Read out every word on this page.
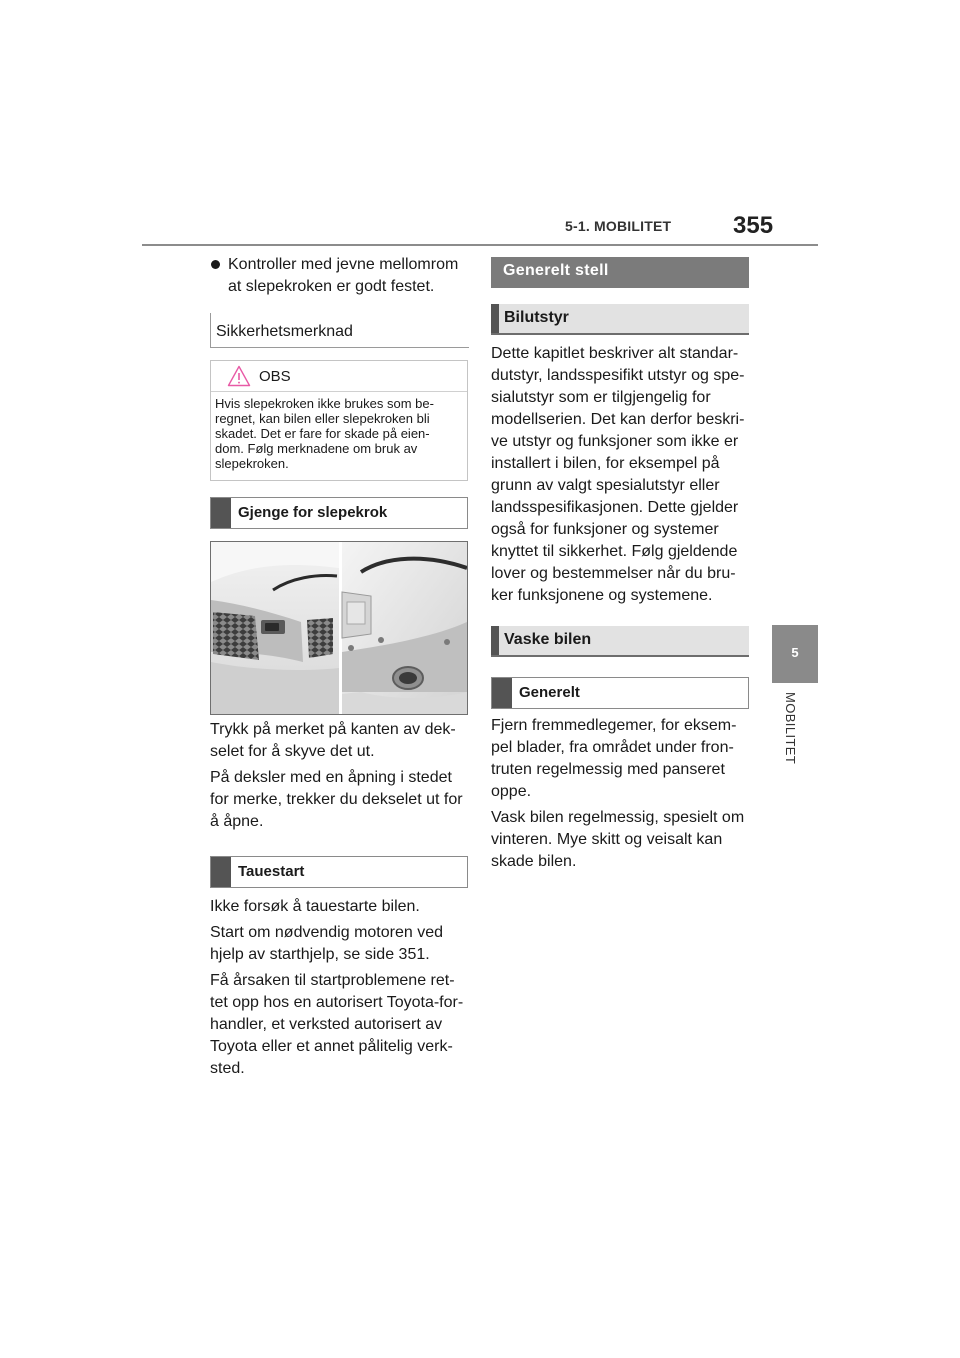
5-1. MOBILITET	355
5
MOBILITET

Kontroller med jevne mellomrom

at slepekroken er godt festet.

Sikkerhetsmerknad
OBS
Hvis slepekroken ikke brukes som be-
regnet, kan bilen eller slepekroken bli
skadet. Det er fare for skade på eien-
dom. Følg merknadene om bruk av
slepekroken.
Gjenge for slepekrok

Trykk på merket på kanten av dek-

selet for å skyve det ut.

På deksler med en åpning i stedet

for merke, trekker du dekselet ut for

å åpne.

Tauestart

Ikke forsøk å tauestarte bilen.

Start om nødvendig motoren ved

hjelp av starthjelp, se side 351.

Få årsaken til startproblemene ret-

tet opp hos en autorisert Toyota-for-

handler, et verksted autorisert av

Toyota eller et annet pålitelig verk-

sted.

Generelt stell
Bilutstyr

Dette kapitlet beskriver alt standar-

dutstyr, landsspesifikt utstyr og spe-

sialutstyr som er tilgjengelig for

modellserien. Det kan derfor beskri-

ve utstyr og funksjoner som ikke er

installert i bilen, for eksempel på

grunn av valgt spesialutstyr eller

landsspesifikasjonen. Dette gjelder

også for funksjoner og systemer

knyttet til sikkerhet. Følg gjeldende

lover og bestemmelser når du bru-

ker funksjonene og systemene.

Vaske bilen
Generelt

Fjern fremmedlegemer, for eksem-

pel blader, fra området under fron-

truten regelmessig med panseret

oppe.

Vask bilen regelmessig, spesielt om

vinteren. Mye skitt og veisalt kan

skade bilen.
